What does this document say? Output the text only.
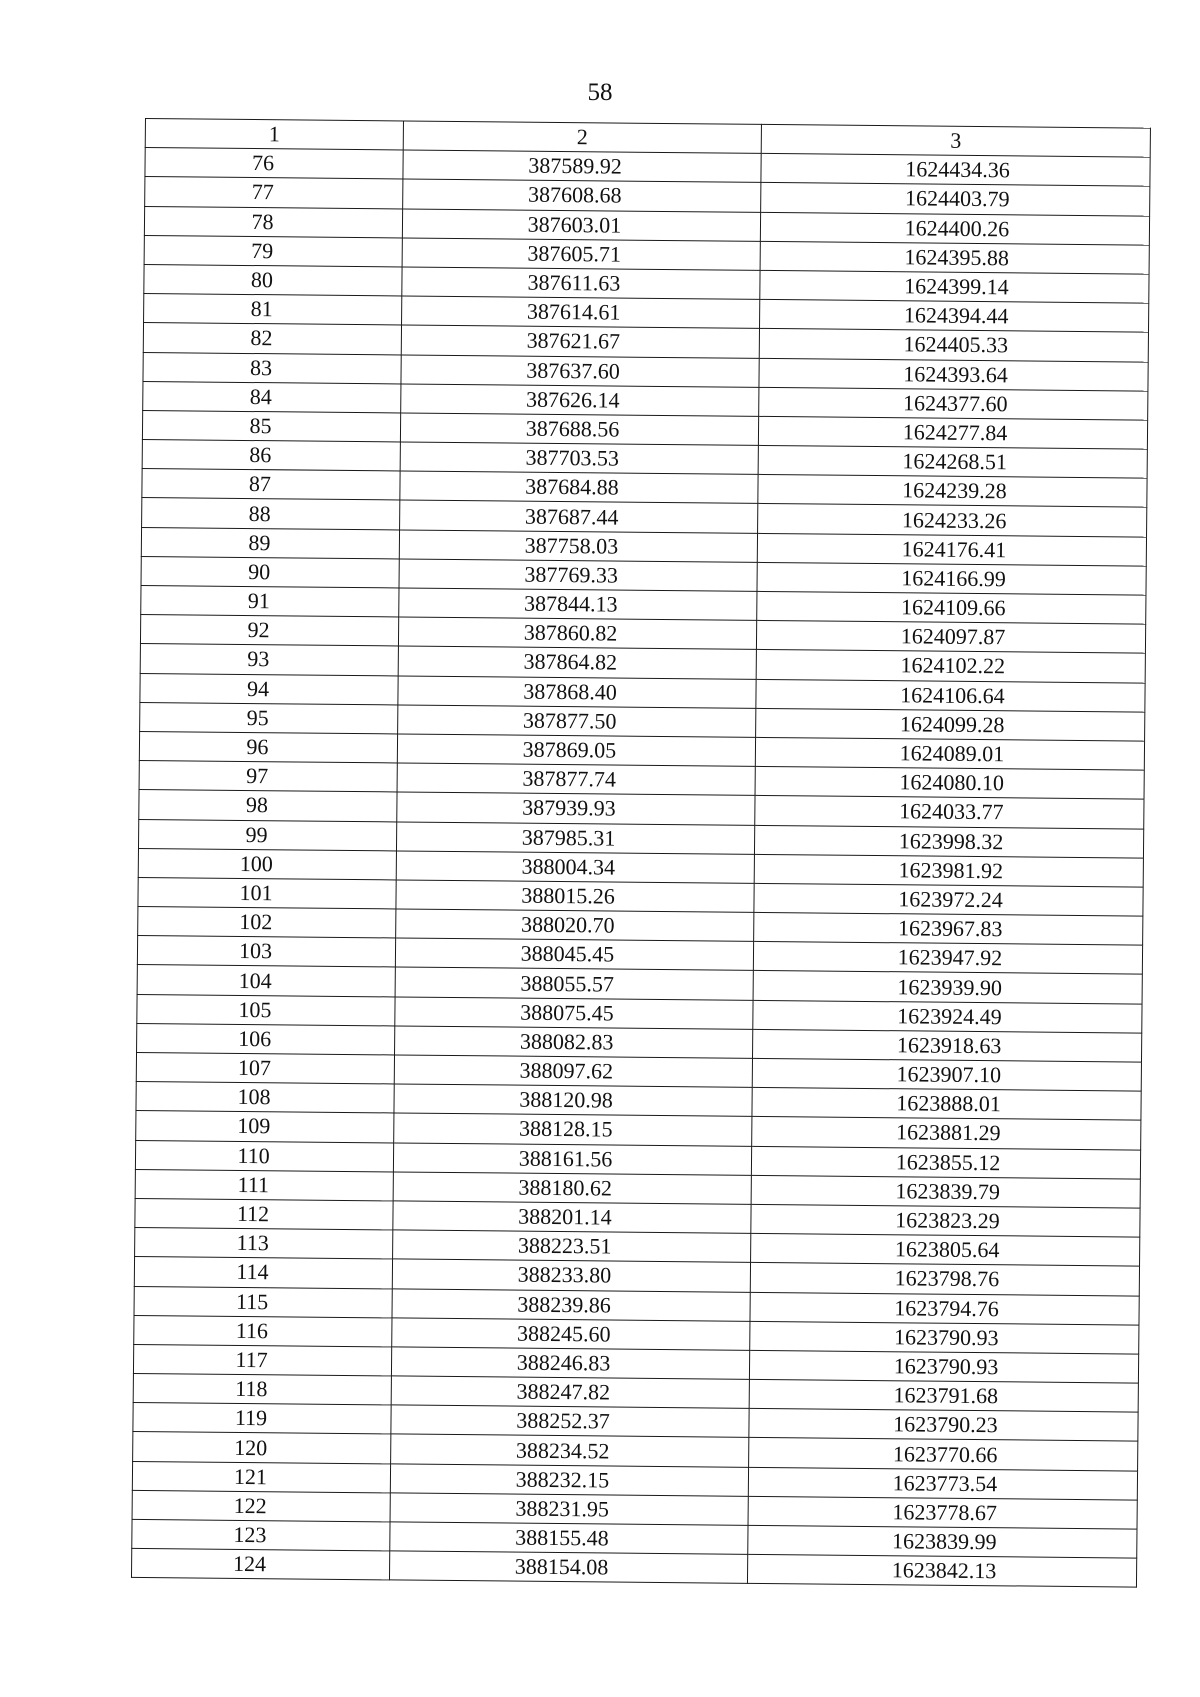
58
1	2	3
76	387589.92	1624434.36
77	387608.68	1624403.79
78	387603.01	1624400.26
79	387605.71	1624395.88
80	387611.63	1624399.14
81	387614.61	1624394.44
82	387621.67	1624405.33
83	387637.60	1624393.64
84	387626.14	1624377.60
85	387688.56	1624277.84
86	387703.53	1624268.51
87	387684.88	1624239.28
88	387687.44	1624233.26
89	387758.03	1624176.41
90	387769.33	1624166.99
91	387844.13	1624109.66
92	387860.82	1624097.87
93	387864.82	1624102.22
94	387868.40	1624106.64
95	387877.50	1624099.28
96	387869.05	1624089.01
97	387877.74	1624080.10
98	387939.93	1624033.77
99	387985.31	1623998.32
100	388004.34	1623981.92
101	388015.26	1623972.24
102	388020.70	1623967.83
103	388045.45	1623947.92
104	388055.57	1623939.90
105	388075.45	1623924.49
106	388082.83	1623918.63
107	388097.62	1623907.10
108	388120.98	1623888.01
109	388128.15	1623881.29
110	388161.56	1623855.12
111	388180.62	1623839.79
112	388201.14	1623823.29
113	388223.51	1623805.64
114	388233.80	1623798.76
115	388239.86	1623794.76
116	388245.60	1623790.93
117	388246.83	1623790.93
118	388247.82	1623791.68
119	388252.37	1623790.23
120	388234.52	1623770.66
121	388232.15	1623773.54
122	388231.95	1623778.67
123	388155.48	1623839.99
124	388154.08	1623842.13
